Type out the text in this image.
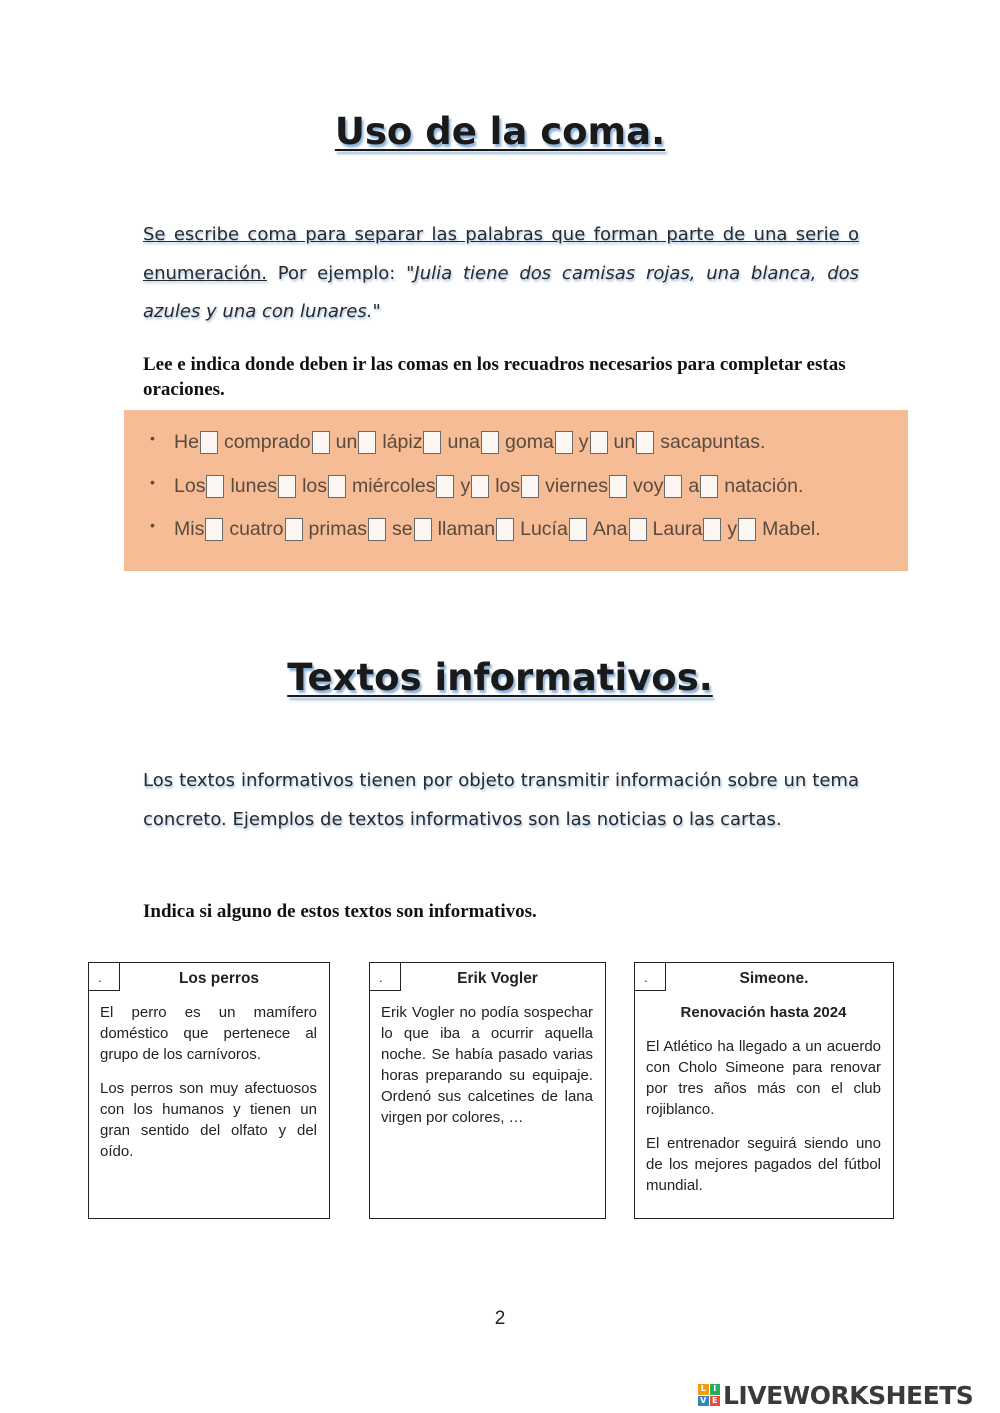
Uso de la coma.

Se escribe coma para separar las palabras que forman parte de una serie o enumeración. Por ejemplo: "Julia tiene dos camisas rojas, una blanca, dos azules y una con lunares."

Lee e indica donde deben ir las comas en los recuadros necesarios para completar estas oraciones.

• He comprado un lápiz una goma y un sacapuntas.
• Los lunes los miércoles y los viernes voy a natación.
• Mis cuatro primas se llaman Lucía Ana Laura y Mabel.
Textos informativos.

Los textos informativos tienen por objeto transmitir información sobre un tema concreto. Ejemplos de textos informativos son las noticias o las cartas.

Indica si alguno de estos textos son informativos.

.	Los perros

El perro es un mamífero doméstico que pertenece al grupo de los carnívoros.

Los perros son muy afectuosos con los humanos y tienen un gran sentido del olfato y del oído.

.	Erik Vogler

Erik Vogler no podía sospechar lo que iba a ocurrir aquella noche. Se había pasado varias horas preparando su equipaje. Ordenó sus calcetines de lana virgen por colores, …

.	Simeone.

Renovación hasta 2024

El Atlético ha llegado a un acuerdo con Cholo Simeone para renovar por tres años más con el club rojiblanco.

El entrenador seguirá siendo uno de los mejores pagados del fútbol mundial.

2
L I
V E LIVEWORKSHEETS
